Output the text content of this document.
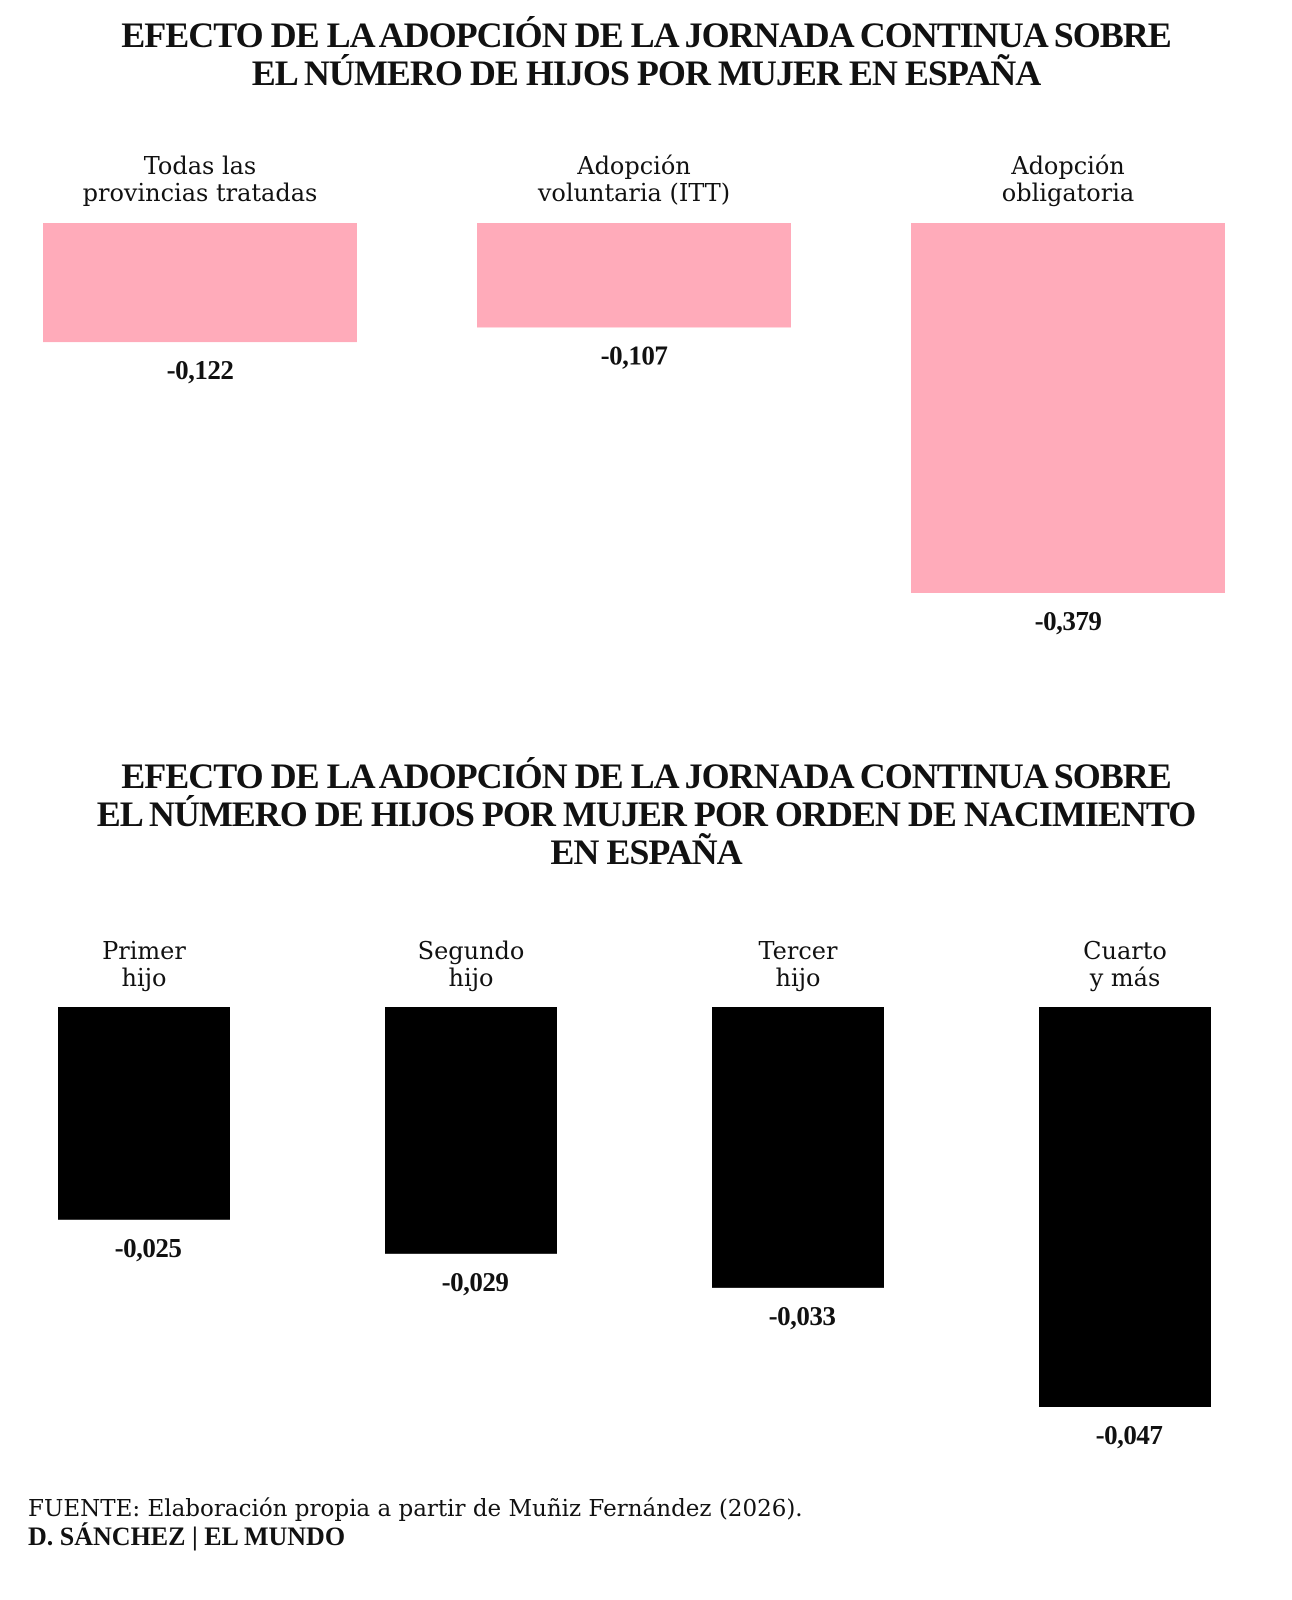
EFECTO DE LA ADOPCIÓN DE LA JORNADA CONTINUA SOBRE
EL NÚMERO DE HIJOS POR MUJER EN ESPAÑA
Todas las
provincias tratadas
-0,122
Adopción
voluntaria (ITT)
-0,107
Adopción
obligatoria
-0,379
EFECTO DE LA ADOPCIÓN DE LA JORNADA CONTINUA SOBRE
EL NÚMERO DE HIJOS POR MUJER POR ORDEN DE NACIMIENTO
EN ESPAÑA
Primer
hijo
-0,025
Segundo
hijo
-0,029
Tercer
hijo
-0,033
Cuarto
y más
-0,047
FUENTE: Elaboración propia a partir de Muñiz Fernández (2026).
D. SÁNCHEZ | EL MUNDO
